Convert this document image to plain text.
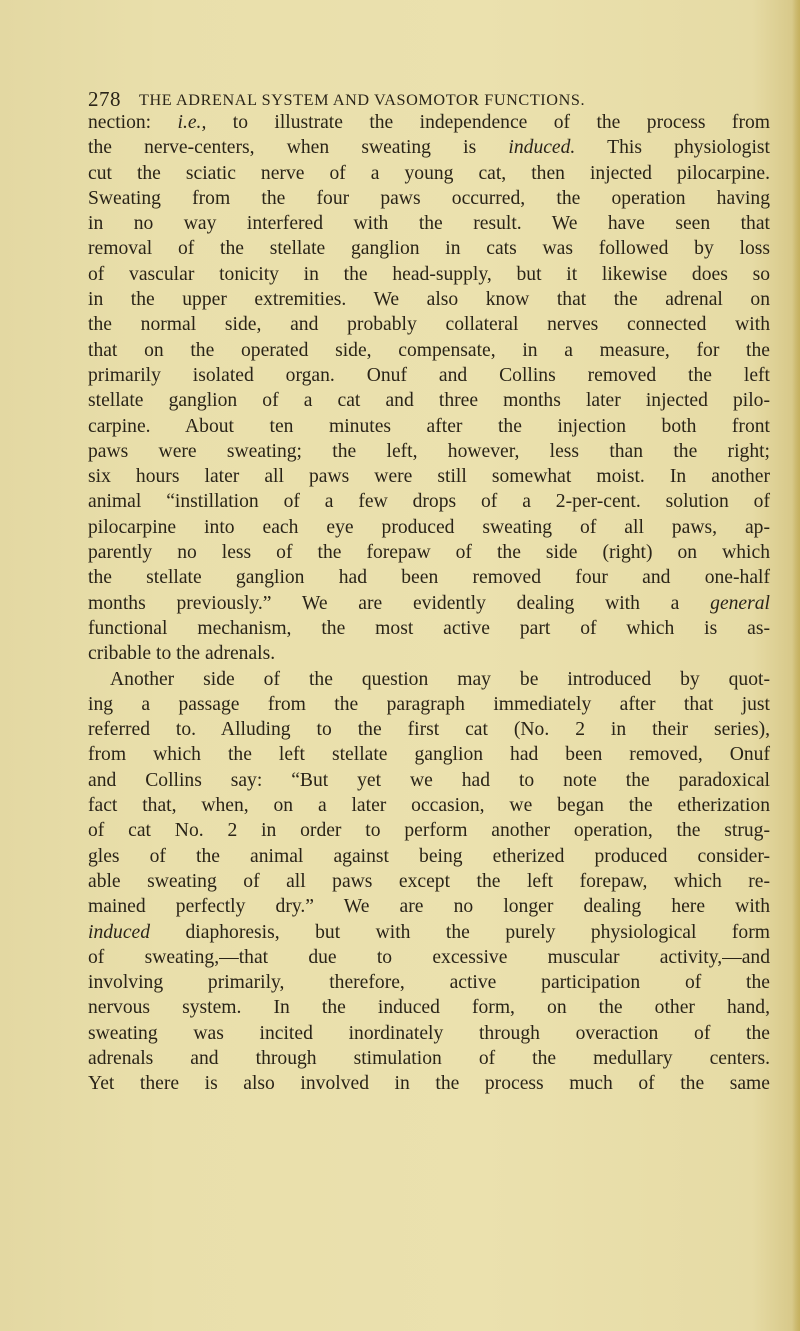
278 THE ADRENAL SYSTEM AND VASOMOTOR FUNCTIONS.
nection: i.e., to illustrate the independence of the process from
the nerve-centers, when sweating is induced. This physiologist
cut the sciatic nerve of a young cat, then injected pilocarpine.
Sweating from the four paws occurred, the operation having
in no way interfered with the result. We have seen that
removal of the stellate ganglion in cats was followed by loss
of vascular tonicity in the head-supply, but it likewise does so
in the upper extremities. We also know that the adrenal on
the normal side, and probably collateral nerves connected with
that on the operated side, compensate, in a measure, for the
primarily isolated organ. Onuf and Collins removed the left
stellate ganglion of a cat and three months later injected pilo-
carpine. About ten minutes after the injection both front
paws were sweating; the left, however, less than the right;
six hours later all paws were still somewhat moist. In another
animal “instillation of a few drops of a 2-per-cent. solution of
pilocarpine into each eye produced sweating of all paws, ap-
parently no less of the forepaw of the side (right) on which
the stellate ganglion had been removed four and one-half
months previously.” We are evidently dealing with a general
functional mechanism, the most active part of which is as-
cribable to the adrenals.
Another side of the question may be introduced by quot-
ing a passage from the paragraph immediately after that just
referred to. Alluding to the first cat (No. 2 in their series),
from which the left stellate ganglion had been removed, Onuf
and Collins say: “But yet we had to note the paradoxical
fact that, when, on a later occasion, we began the etherization
of cat No. 2 in order to perform another operation, the strug-
gles of the animal against being etherized produced consider-
able sweating of all paws except the left forepaw, which re-
mained perfectly dry.” We are no longer dealing here with
induced diaphoresis, but with the purely physiological form
of sweating,—that due to excessive muscular activity,—and
involving primarily, therefore, active participation of the
nervous system. In the induced form, on the other hand,
sweating was incited inordinately through overaction of the
adrenals and through stimulation of the medullary centers.
Yet there is also involved in the process much of the same
